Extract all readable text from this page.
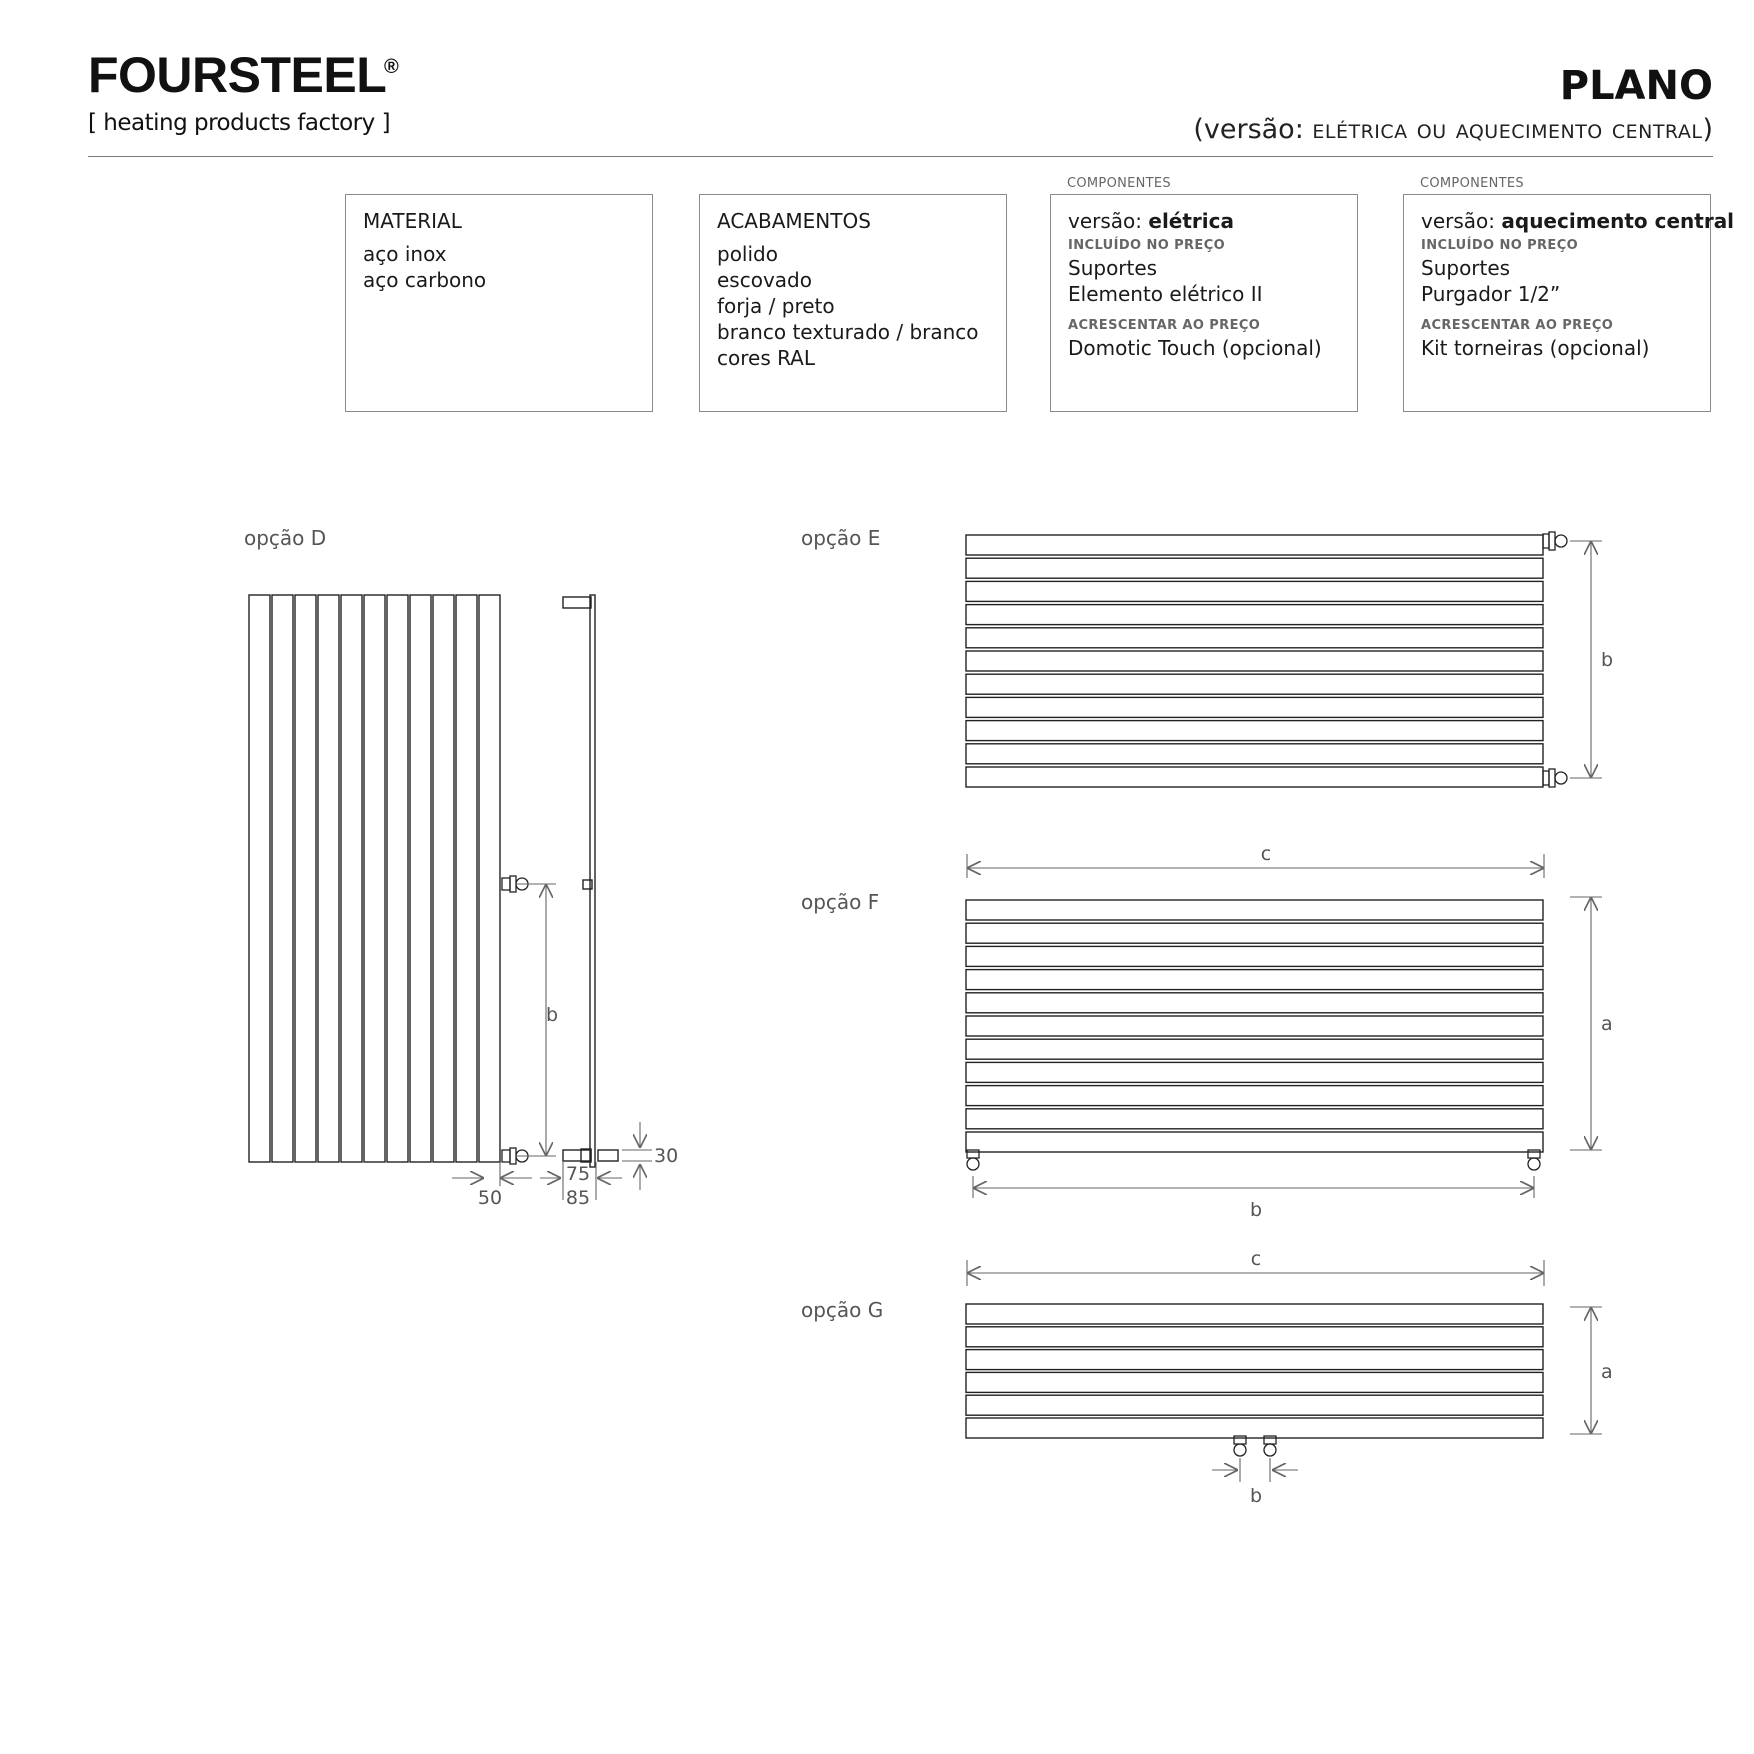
FOURSTEEL
®
[ heating products factory ]
PLANO
(versão: elétrica ou aquecimento central)
MATERIAL
aço inox
aço carbono
ACABAMENTOS
polido
escovado
forja / preto
branco texturado / branco
cores RAL
COMPONENTES
versão: elétrica
INCLUÍDO NO PREÇO
Suportes
Elemento elétrico II
ACRESCENTAR AO PREÇO
Domotic Touch (opcional)
COMPONENTES
versão: aquecimento central
INCLUÍDO NO PREÇO
Suportes
Purgador 1/2”
ACRESCENTAR AO PREÇO
Kit torneiras (opcional)
opção D	opção E
opção F
opção G
b
50
75
85
30
b
c
a
b
c
a
b
